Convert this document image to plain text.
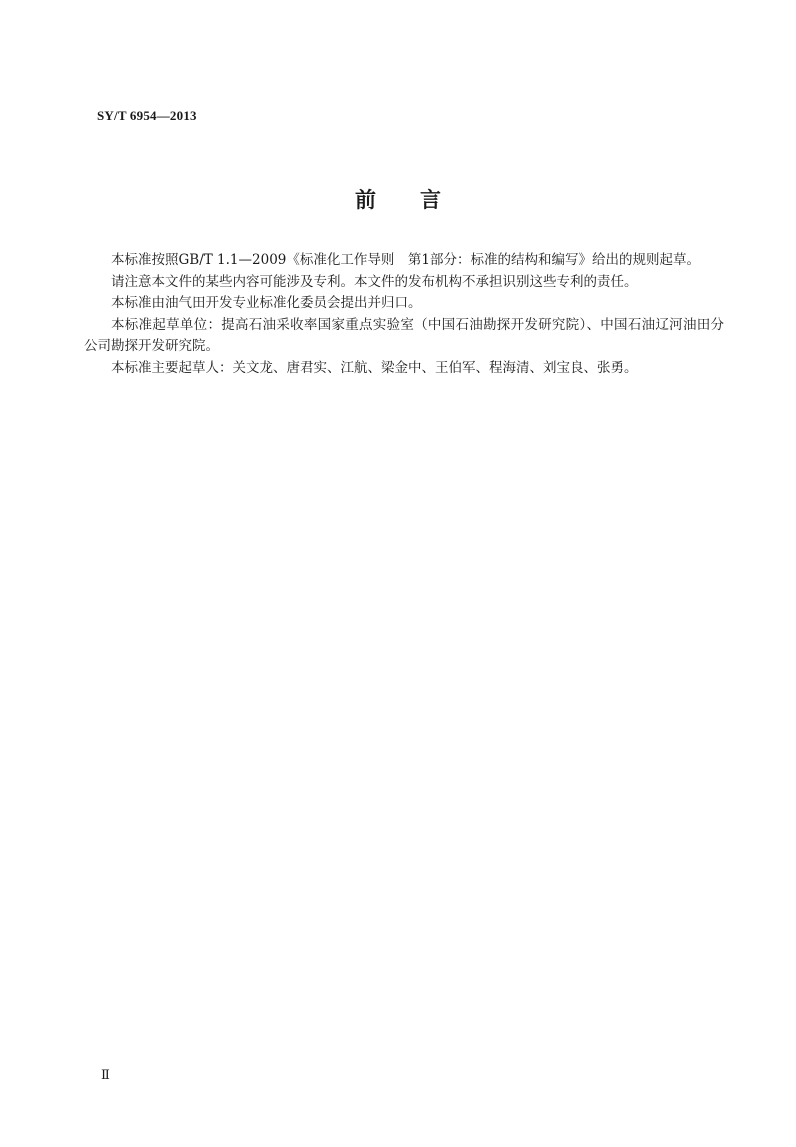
SY/T 6954—2013
前 言

本标准按照GB/T 1.1—2009《标准化工作导则　第1部分：标准的结构和编写》给出的规则起草。

请注意本文件的某些内容可能涉及专利。本文件的发布机构不承担识别这些专利的责任。

本标准由油气田开发专业标准化委员会提出并归口。

本标准起草单位：提高石油采收率国家重点实验室（中国石油勘探开发研究院）、中国石油辽河油田分公司勘探开发研究院。

本标准主要起草人：关文龙、唐君实、江航、梁金中、王伯军、程海清、刘宝良、张勇。

Ⅱ
